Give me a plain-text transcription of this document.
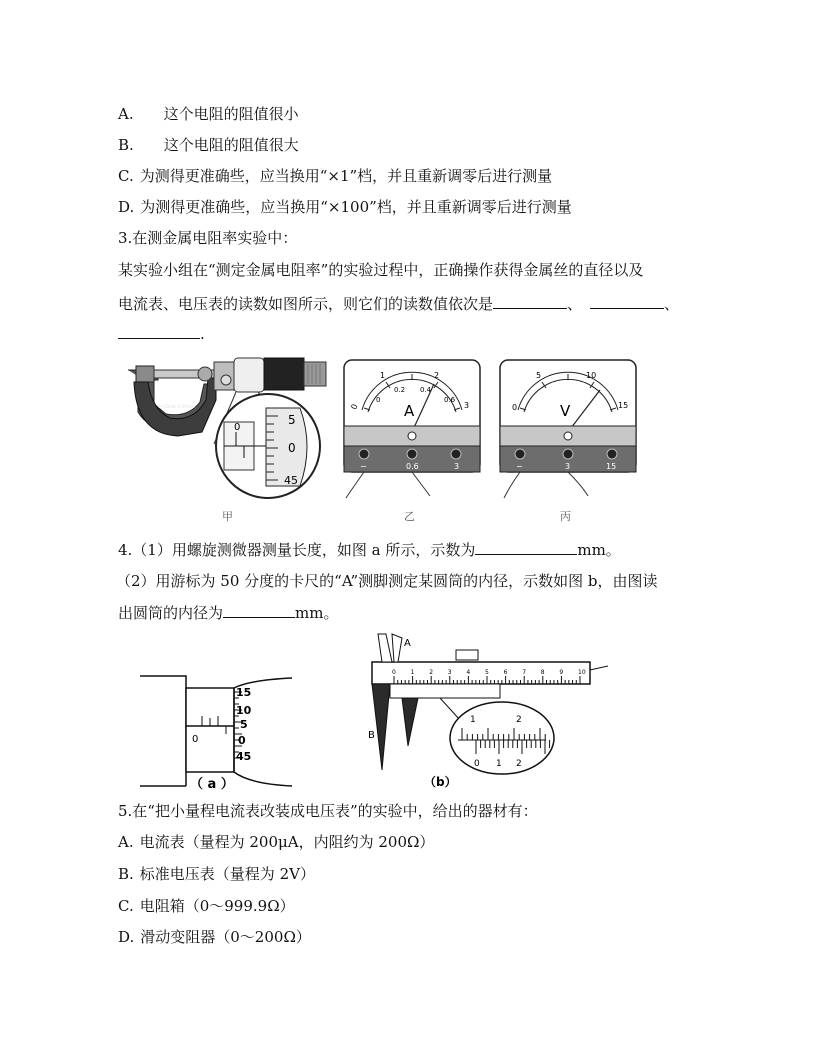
A. 这个电阻的阻值很小
B. 这个电阻的阻值很大
C. 为测得更准确些，应当换用“×1”档，并且重新调零后进行测量
D. 为测得更准确些，应当换用“×100”档，并且重新调零后进行测量
3.在测金属电阻率实验中：
某实验小组在“测定金属电阻率”的实验过程中，正确操作获得金属丝的直径以及
电流表、电压表的读数如图所示，则它们的读数值依次是	、	、
.
0~25mm 0.01mm
0
5
0
45
甲
0
1	2
3
0
0.2 0.4
0.6
A
−	0.6	3
乙
0
5	10
15
V
−	3	15
丙
4.（1）用螺旋测微器测量长度，如图 a 所示，示数为	mm。
（2）用游标为 50 分度的卡尺的“A”测脚测定某圆筒的内径，示数如图 b，由图读
出圆筒的内径为	mm。
0
15
10
5
0
45
（ a ）
A
B
0 1 2 3 4 5 6 7 8 9 10
1	2
0 1 2
（b）
5.在“把小量程电流表改装成电压表”的实验中，给出的器材有：
A. 电流表（量程为 200μA，内阻约为 200Ω）
B. 标准电压表（量程为 2V）
C. 电阻箱（0～999.9Ω）
D. 滑动变阻器（0～200Ω）
